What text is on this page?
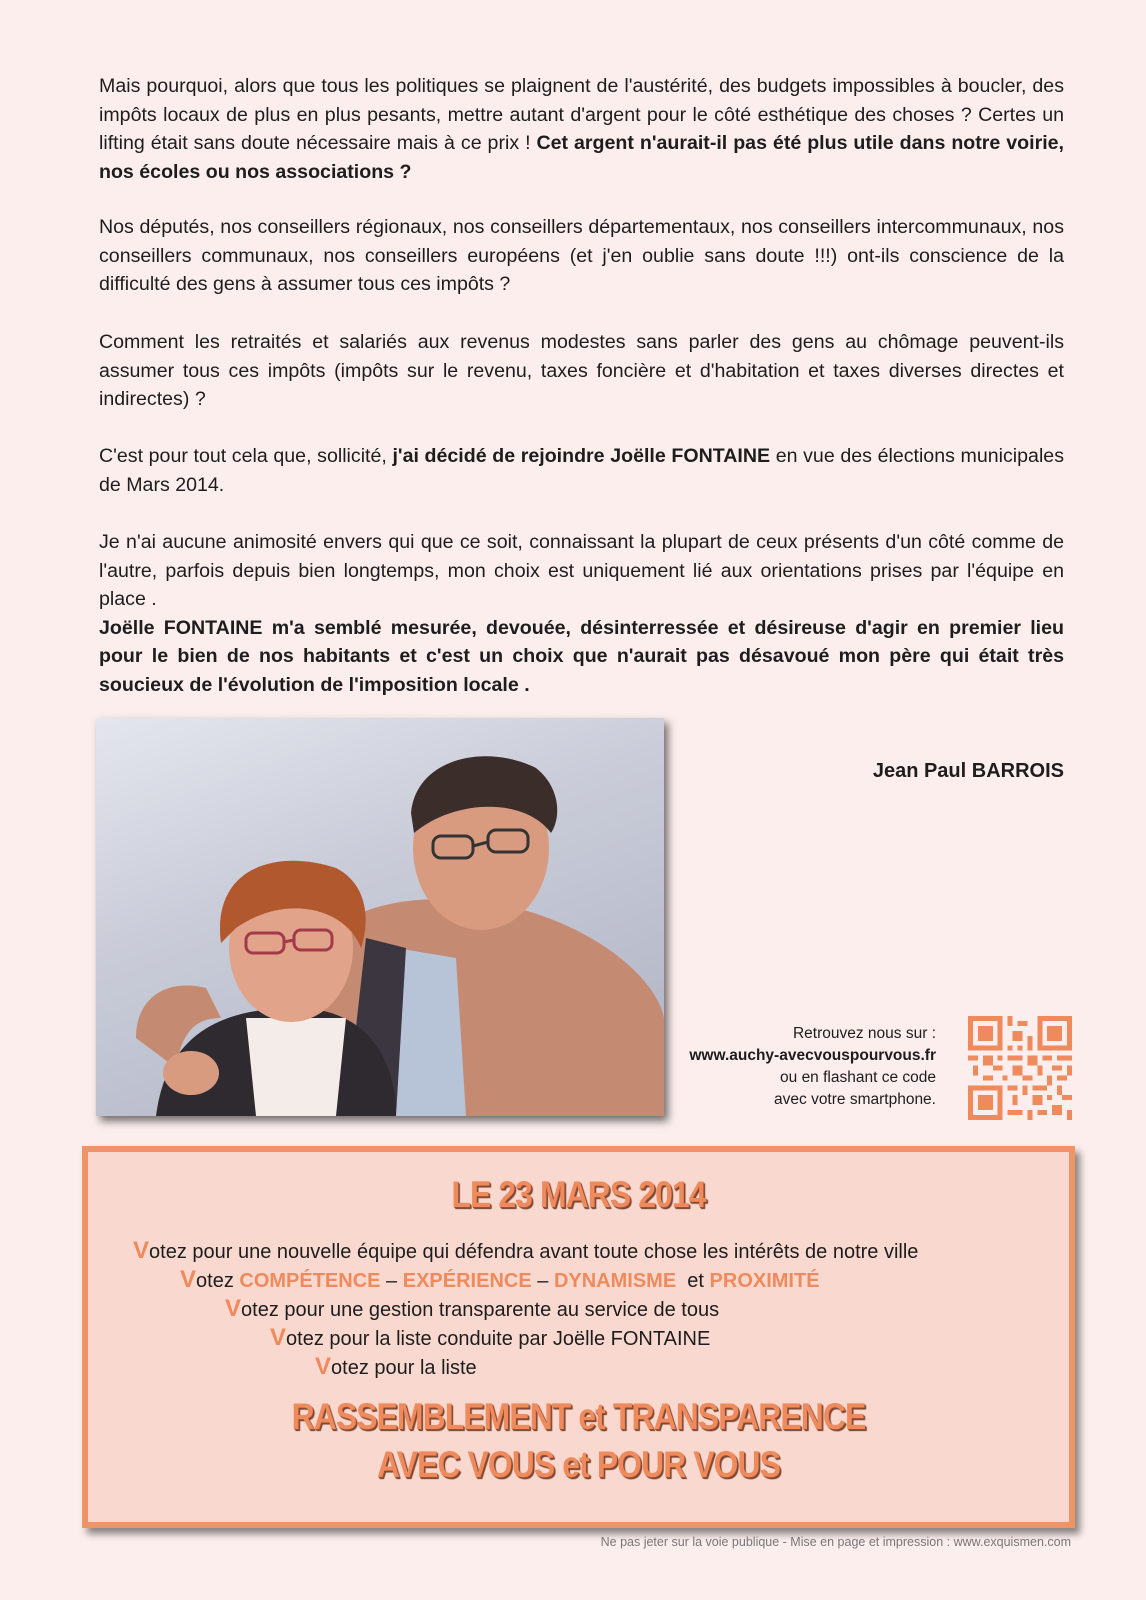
Mais pourquoi, alors que tous les politiques se plaignent de l'austérité, des budgets impossibles à boucler, des impôts locaux de plus en plus pesants, mettre autant d'argent pour le côté esthétique des choses ? Certes un lifting était sans doute nécessaire mais à ce prix ! Cet argent n'aurait-il pas été plus utile dans notre voirie, nos écoles ou nos associations ?

Nos députés, nos conseillers régionaux, nos conseillers départementaux, nos conseillers intercommunaux, nos conseillers communaux, nos conseillers européens (et j'en oublie sans doute !!!) ont-ils conscience de la difficulté des gens à assumer tous ces impôts ?

Comment les retraités et salariés aux revenus modestes sans parler des gens au chômage peuvent-ils assumer tous ces impôts (impôts sur le revenu, taxes foncière et d'habitation et taxes diverses directes et indirectes) ?

C'est pour tout cela que, sollicité, j'ai décidé de rejoindre Joëlle FONTAINE en vue des élections municipales de Mars 2014.

Je n'ai aucune animosité envers qui que ce soit, connaissant la plupart de ceux présents d'un côté comme de l'autre, parfois depuis bien longtemps, mon choix est uniquement lié aux orientations prises par l'équipe en place .

Joëlle FONTAINE m'a semblé mesurée, devouée, désinterressée et désireuse d'agir en premier lieu pour le bien de nos habitants et c'est un choix que n'aurait pas désavoué mon père qui était très soucieux de l'évolution de l'imposition locale .

Jean Paul BARROIS
Retrouvez nous sur :
www.auchy-avecvouspourvous.fr
ou en flashant ce code
avec votre smartphone.
LE 23 MARS 2014
Votez pour une nouvelle équipe qui défendra avant toute chose les intérêts de notre ville
Votez COMPÉTENCE – EXPÉRIENCE – DYNAMISME  et PROXIMITÉ
Votez pour une gestion transparente au service de tous
Votez pour la liste conduite par Joëlle FONTAINE
Votez pour la liste
RASSEMBLEMENT et TRANSPARENCE
AVEC VOUS et POUR VOUS
Ne pas jeter sur la voie publique - Mise en page et impression : www.exquismen.com
